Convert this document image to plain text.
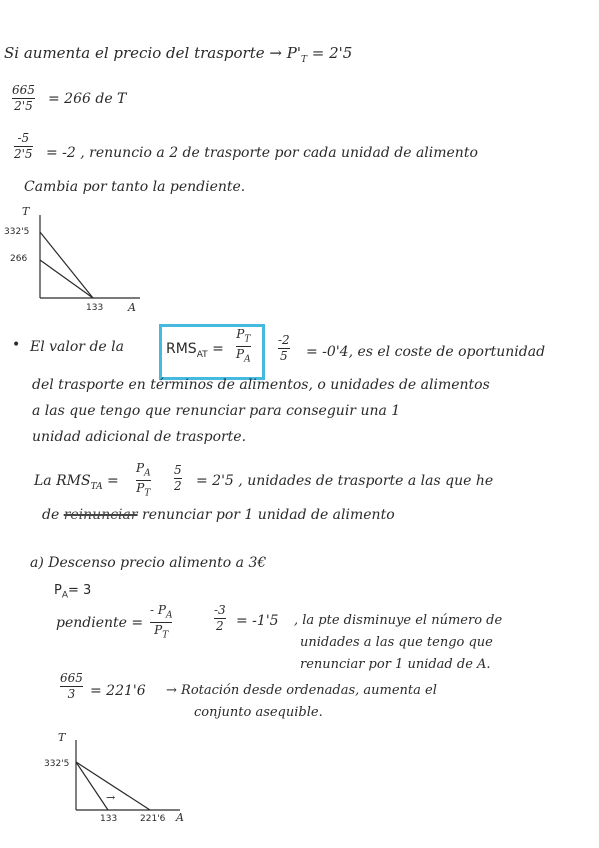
Si aumenta el precio del trasporte → $P'_T = 2'5$
665
2'5 = 266 de T
-5
2'5 = -2 , renuncio a 2 de trasporte por cada unidad de alimento
Cambia por tanto la pendiente.
T
332'5
266
133 A
• El valor de la	$RMS_{AT}$ =
$P_T$
$P_A$
-2
5 = -0'4, es el coste de oportunidad
del trasporte en términos de alimentos, o unidades de alimentos
a las que tengo que renunciar para conseguir una 1
unidad adicional de trasporte.
La $RMS_{TA}$ =
$P_A$
$P_T$
5
2 = 2'5 , unidades de trasporte a las que he
de reinunciar renunciar por 1 unidad de alimento
a) Descenso precio alimento a 3€
$P_A= 3$
pendiente =
- $P_A$
$P_T$
-3
2 = -1'5 , la pte disminuye el número de
unidades a las que tengo que
renunciar por 1 unidad de A.
665
3 = 221'6 → Rotación desde ordenadas, aumenta el
conjunto asequible.
T
332'5
133	221'6 A
→
